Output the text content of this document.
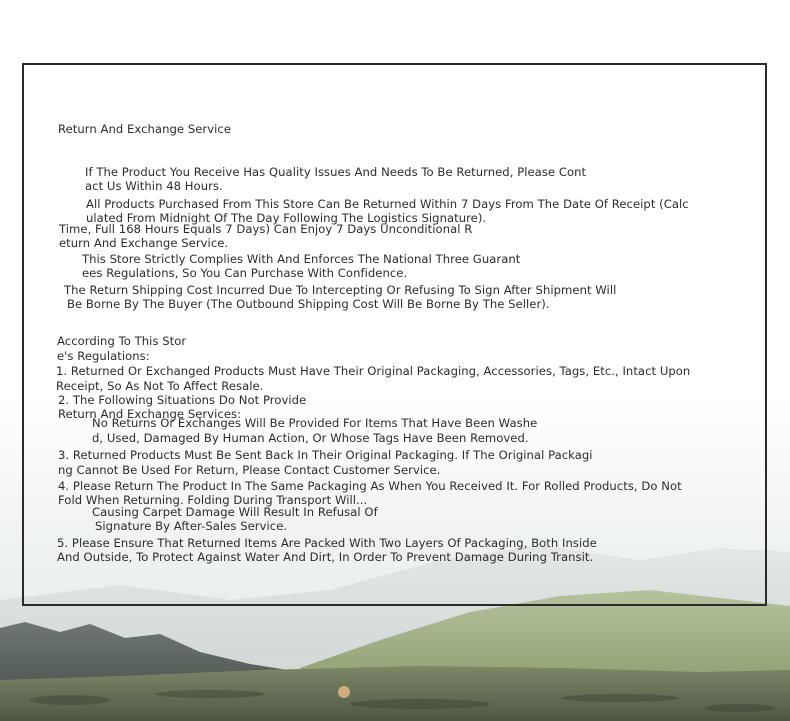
Return And Exchange Service
If The Product You Receive Has Quality Issues And Needs To Be Returned, Please Cont
act Us Within 48 Hours.
All Products Purchased From This Store Can Be Returned Within 7 Days From The Date Of Receipt (Calc
ulated From Midnight Of The Day Following The Logistics Signature).
Time, Full 168 Hours Equals 7 Days) Can Enjoy 7 Days Unconditional R
eturn And Exchange Service.
This Store Strictly Complies With And Enforces The National Three Guarant
ees Regulations, So You Can Purchase With Confidence.
The Return Shipping Cost Incurred Due To Intercepting Or Refusing To Sign After Shipment Will
Be Borne By The Buyer (The Outbound Shipping Cost Will Be Borne By The Seller).
According To This Stor
e's Regulations:
1. Returned Or Exchanged Products Must Have Their Original Packaging, Accessories, Tags, Etc., Intact Upon
Receipt, So As Not To Affect Resale.
2. The Following Situations Do Not Provide
Return And Exchange Services:
No Returns Or Exchanges Will Be Provided For Items That Have Been Washe
d, Used, Damaged By Human Action, Or Whose Tags Have Been Removed.
3. Returned Products Must Be Sent Back In Their Original Packaging. If The Original Packagi
ng Cannot Be Used For Return, Please Contact Customer Service.
4. Please Return The Product In The Same Packaging As When You Received It. For Rolled Products, Do Not
Fold When Returning. Folding During Transport Will...
Causing Carpet Damage Will Result In Refusal Of
Signature By After-Sales Service.
5. Please Ensure That Returned Items Are Packed With Two Layers Of Packaging, Both Inside
And Outside, To Protect Against Water And Dirt, In Order To Prevent Damage During Transit.
